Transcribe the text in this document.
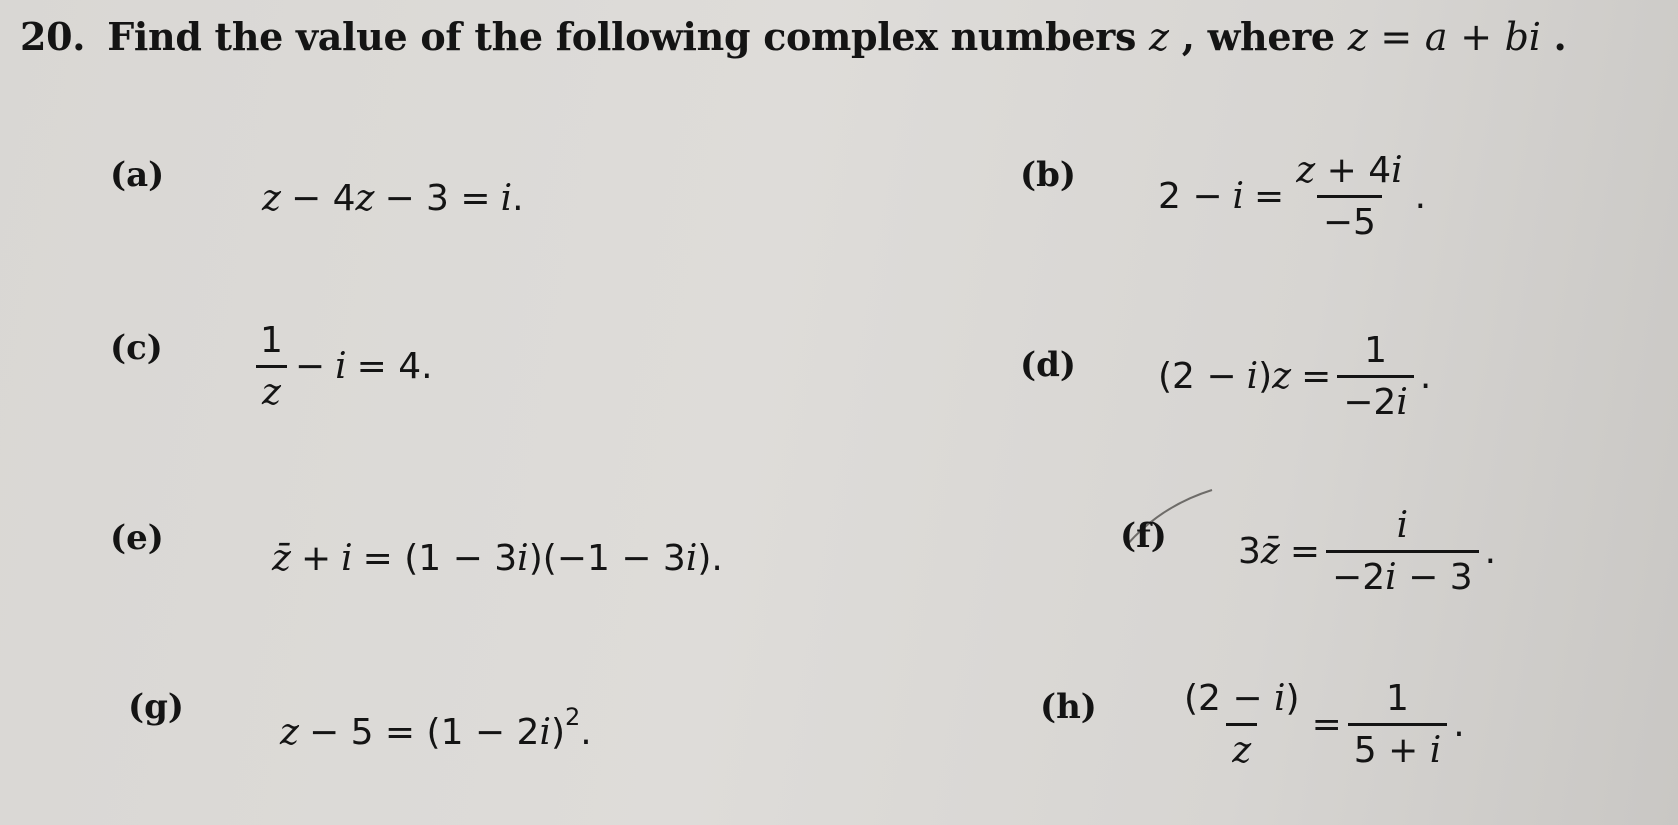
20. Find the value of the following complex numbers z , where z = a + bi .
(a)
z − 4 z − 3 = i .
(b)
$2 - i = \frac{z + 4i}{-5}$ .
(c)	$\frac{1}{z} - i = 4$.	(d) (2 − i ) $z = \frac{1}{-2i}$ .
(e)	z̄ + i = (1 − 3 i )(−1 − 3 i ).
(f) 3 z̄ = $\frac{i}{-2i - 3}$ .
(g)
z − 5 = (1 − 2 i ) 2 .
$(h) \frac{(2 - i)}{z} = \frac{1}{5 + i}$ .
